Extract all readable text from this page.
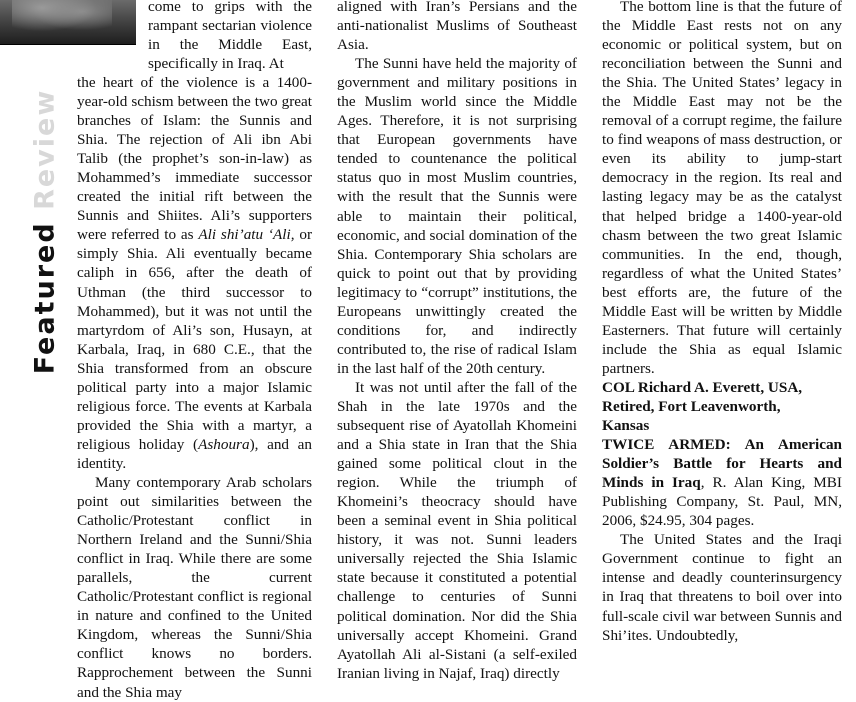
Featured Review

come to grips with the rampant sectarian violence in the Middle East, specifically in Iraq. At

the heart of the violence is a 1400-year-old schism between the two great branches of Islam: the Sunnis and Shia. The rejection of Ali ibn Abi Talib (the prophet’s son-in-law) as Mohammed’s immediate successor created the initial rift between the Sunnis and Shiites. Ali’s supporters were referred to as Ali shi’atu ‘Ali, or simply Shia. Ali eventually became caliph in 656, after the death of Uthman (the third successor to Mohammed), but it was not until the martyrdom of Ali’s son, Husayn, at Karbala, Iraq, in 680 C.E., that the Shia transformed from an obscure political party into a major Islamic religious force. The events at Karbala provided the Shia with a martyr, a religious holiday (Ashoura), and an identity.

Many contemporary Arab scholars point out similarities between the Catholic/Protestant conflict in Northern Ireland and the Sunni/Shia conflict in Iraq. While there are some parallels, the current Catholic/Protestant conflict is regional in nature and confined to the United Kingdom, whereas the Sunni/Shia conflict knows no borders. Rapprochement between the Sunni and the Shia may

aligned with Iran’s Persians and the anti-nationalist Muslims of Southeast Asia.

The Sunni have held the majority of government and military positions in the Muslim world since the Middle Ages. Therefore, it is not surprising that European governments have tended to countenance the political status quo in most Muslim countries, with the result that the Sunnis were able to maintain their political, economic, and social domination of the Shia. Contemporary Shia scholars are quick to point out that by providing legitimacy to “corrupt” institutions, the Europeans unwittingly created the conditions for, and indirectly contributed to, the rise of radical Islam in the last half of the 20th century.

It was not until after the fall of the Shah in the late 1970s and the subsequent rise of Ayatollah Khomeini and a Shia state in Iran that the Shia gained some political clout in the region. While the triumph of Khomeini’s theocracy should have been a seminal event in Shia political history, it was not. Sunni leaders universally rejected the Shia Islamic state because it constituted a potential challenge to centuries of Sunni political domination. Nor did the Shia universally accept Khomeini. Grand Ayatollah Ali al-Sistani (a self-exiled Iranian living in Najaf, Iraq) directly

The bottom line is that the future of the Middle East rests not on any economic or political system, but on reconciliation between the Sunni and the Shia. The United States’ legacy in the Middle East may not be the removal of a corrupt regime, the failure to find weapons of mass destruction, or even its ability to jump-start democracy in the region. Its real and lasting legacy may be as the catalyst that helped bridge a 1400-year-old chasm between the two great Islamic communities. In the end, though, regardless of what the United States’ best efforts are, the future of the Middle East will be written by Middle Easterners. That future will certainly include the Shia as equal Islamic partners.

COL Richard A. Everett, USA,
Retired, Fort Leavenworth,
Kansas

TWICE ARMED: An American Soldier’s Battle for Hearts and Minds in Iraq, R. Alan King, MBI Publishing Company, St. Paul, MN, 2006, $24.95, 304 pages.

The United States and the Iraqi Government continue to fight an intense and deadly counterinsurgency in Iraq that threatens to boil over into full-scale civil war between Sunnis and Shi’ites. Undoubtedly,
